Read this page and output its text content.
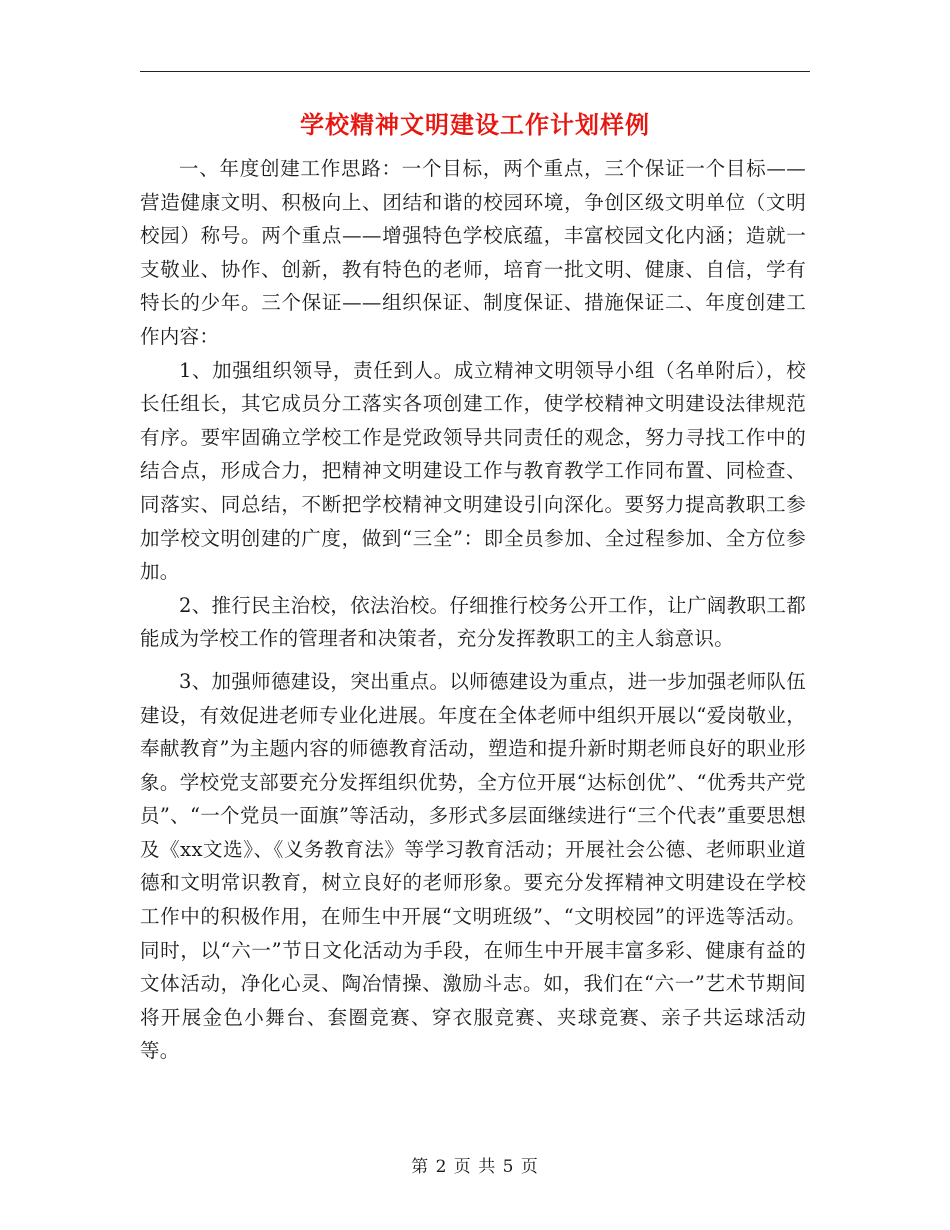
学校精神文明建设工作计划样例

一、年度创建工作思路：一个目标，两个重点，三个保证一个目标——营造健康文明、积极向上、团结和谐的校园环境，争创区级文明单位（文明校园）称号。两个重点——增强特色学校底蕴，丰富校园文化内涵；造就一支敬业、协作、创新，教有特色的老师，培育一批文明、健康、自信，学有特长的少年。三个保证——组织保证、制度保证、措施保证二、年度创建工作内容：

1、加强组织领导，责任到人。成立精神文明领导小组（名单附后），校长任组长，其它成员分工落实各项创建工作，使学校精神文明建设法律规范有序。要牢固确立学校工作是党政领导共同责任的观念，努力寻找工作中的结合点，形成合力，把精神文明建设工作与教育教学工作同布置、同检查、同落实、同总结，不断把学校精神文明建设引向深化。要努力提高教职工参加学校文明创建的广度，做到“三全”：即全员参加、全过程参加、全方位参加。

2、推行民主治校，依法治校。仔细推行校务公开工作，让广阔教职工都能成为学校工作的管理者和决策者，充分发挥教职工的主人翁意识。

3、加强师德建设，突出重点。以师德建设为重点，进一步加强老师队伍建设，有效促进老师专业化进展。年度在全体老师中组织开展以“爱岗敬业，奉献教育”为主题内容的师德教育活动，塑造和提升新时期老师良好的职业形象。学校党支部要充分发挥组织优势，全方位开展“达标创优”、“优秀共产党员”、“一个党员一面旗”等活动，多形式多层面继续进行“三个代表”重要思想及《xx文选》、《义务教育法》等学习教育活动；开展社会公德、老师职业道德和文明常识教育，树立良好的老师形象。要充分发挥精神文明建设在学校工作中的积极作用，在师生中开展“文明班级”、“文明校园”的评选等活动。同时，以“六一”节日文化活动为手段，在师生中开展丰富多彩、健康有益的文体活动，净化心灵、陶冶情操、激励斗志。如，我们在“六一”艺术节期间将开展金色小舞台、套圈竞赛、穿衣服竞赛、夹球竞赛、亲子共运球活动等。

第 2 页 共 5 页
